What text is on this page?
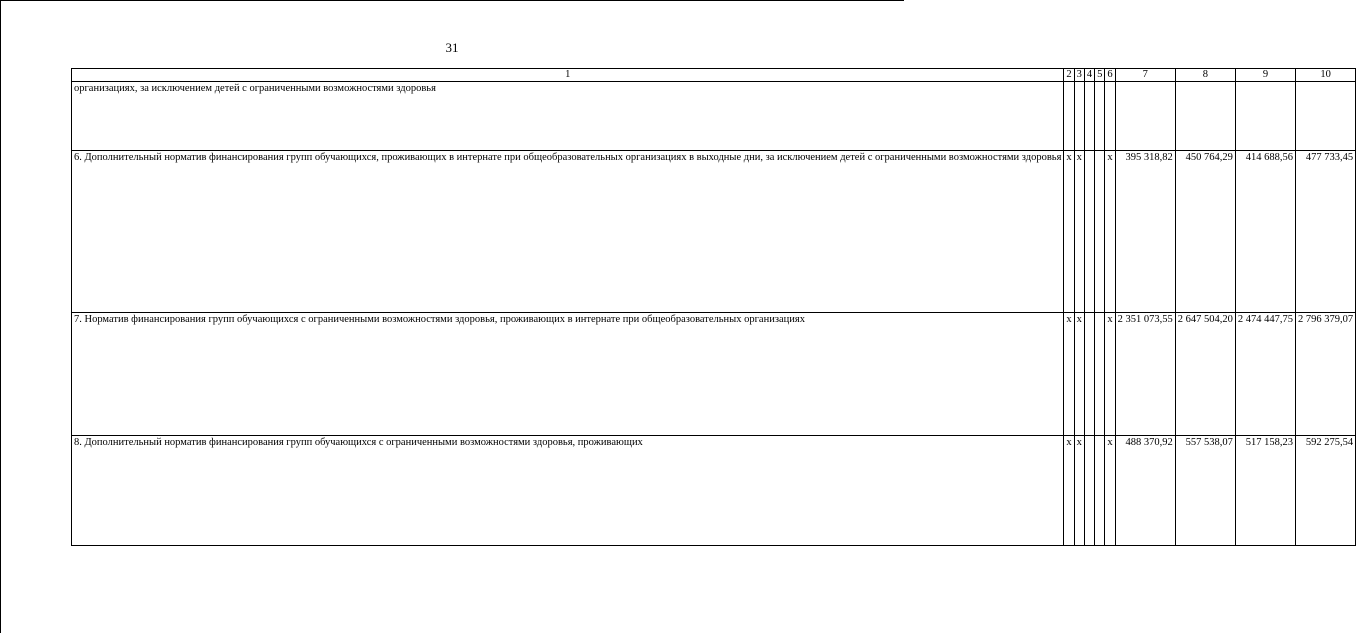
31
1	2	3	4	5	6	7	8	9	10
организациях, за исключением детей с ограниченными возможностями здоровья									
6. Дополнительный норматив финансирования групп обучающихся, проживающих в интернате при общеобразовательных организациях в выходные дни, за исключением детей с ограниченными возможностями здоровья	x	x			x	395 318,82	450 764,29	414 688,56	477 733,45
7. Норматив финансирования групп обучающихся с ограниченными возможностями здоровья, проживающих в интернате при общеобразовательных организациях	x	x			x	2 351 073,55	2 647 504,20	2 474 447,75	2 796 379,07
8. Дополнительный норматив финансирования групп обучающихся с ограниченными возможностями здоровья, проживающих	x	x			x	488 370,92	557 538,07	517 158,23	592 275,54
